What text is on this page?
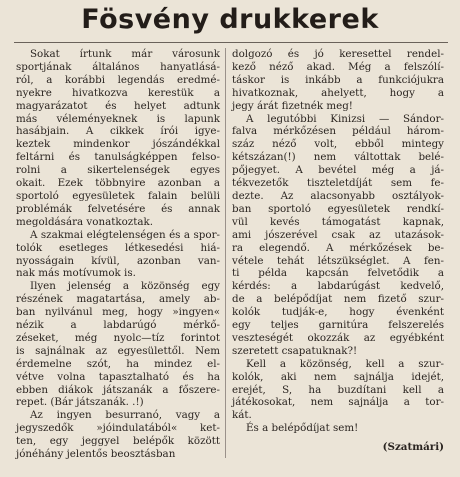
Fösvény drukkerek
Sokat írtunk már városunk
sportjának általános hanyatlásá-
ról, a korábbi legendás eredmé-
nyekre hivatkozva kerestük a
magyarázatot és helyet adtunk
más véleményeknek is lapunk
hasábjain. A cikkek írói igye-
keztek mindenkor jószándékkal
feltárni és tanulságképpen felso-
rolni a sikertelenségek egyes
okait. Ezek többnyire azonban a
sportoló egyesületek falain belüli
problémák felvetésére és annak
megoldására vonatkoztak.
A szakmai elégtelenségen és a spor-
tolók esetleges létkesedési hiá-
nyosságain kívül, azonban van-
nak más motívumok is.
Ilyen jelenség a közönség egy
részének magatartása, amely ab-
ban nyilvánul meg, hogy »ingyen«
nézik a labdarúgó mérkő-
zéseket, még nyolc—tíz forintot
is sajnálnak az egyesülettől. Nem
érdemelne szót, ha mindez el-
vétve volna tapasztalható és ha
ebben diákok játszanák a főszere-
repet. (Bár játszanák. .!)
Az ingyen besurranó, vagy a
jegyszedők »jóindulatából« ket-
ten, egy jeggyel belépők között
jónéhány jelentős beosztásban
dolgozó és jó keresettel rendel-
kező néző akad. Még a felszólí-
táskor is inkább a funkciójukra
hivatkoznak, ahelyett, hogy a
jegy árát fizetnék meg!
A legutóbbi Kinizsi — Sándor-
falva mérkőzésen például három-
száz néző volt, ebből mintegy
kétszázan(!) nem váltottak belé-
pőjegyet. A bevétel még a já-
tékvezetők tiszteletdíját sem fe-
dezte. Az alacsonyabb osztályok-
ban sportoló egyesületek rendkí-
vül kevés támogatást kapnak,
ami jószerével csak az utazások-
ra elegendő. A mérkőzések be-
vétele tehát létszükséglet. A fen-
ti példa kapcsán felvetődik a
kérdés: a labdarúgást kedvelő,
de a belépődíjat nem fizető szur-
kolók tudják-e, hogy évenként
egy teljes garnitúra felszerelés
veszteségét okozzák az egyébként
szeretett csapatuknak?!
Kell a közönség, kell a szur-
kolók, aki nem sajnálja idejét,
erejét, S, ha buzdítani kell a
játékosokat, nem sajnálja a tor-
kát.
És a belépődíjat sem!
(Szatmári)
